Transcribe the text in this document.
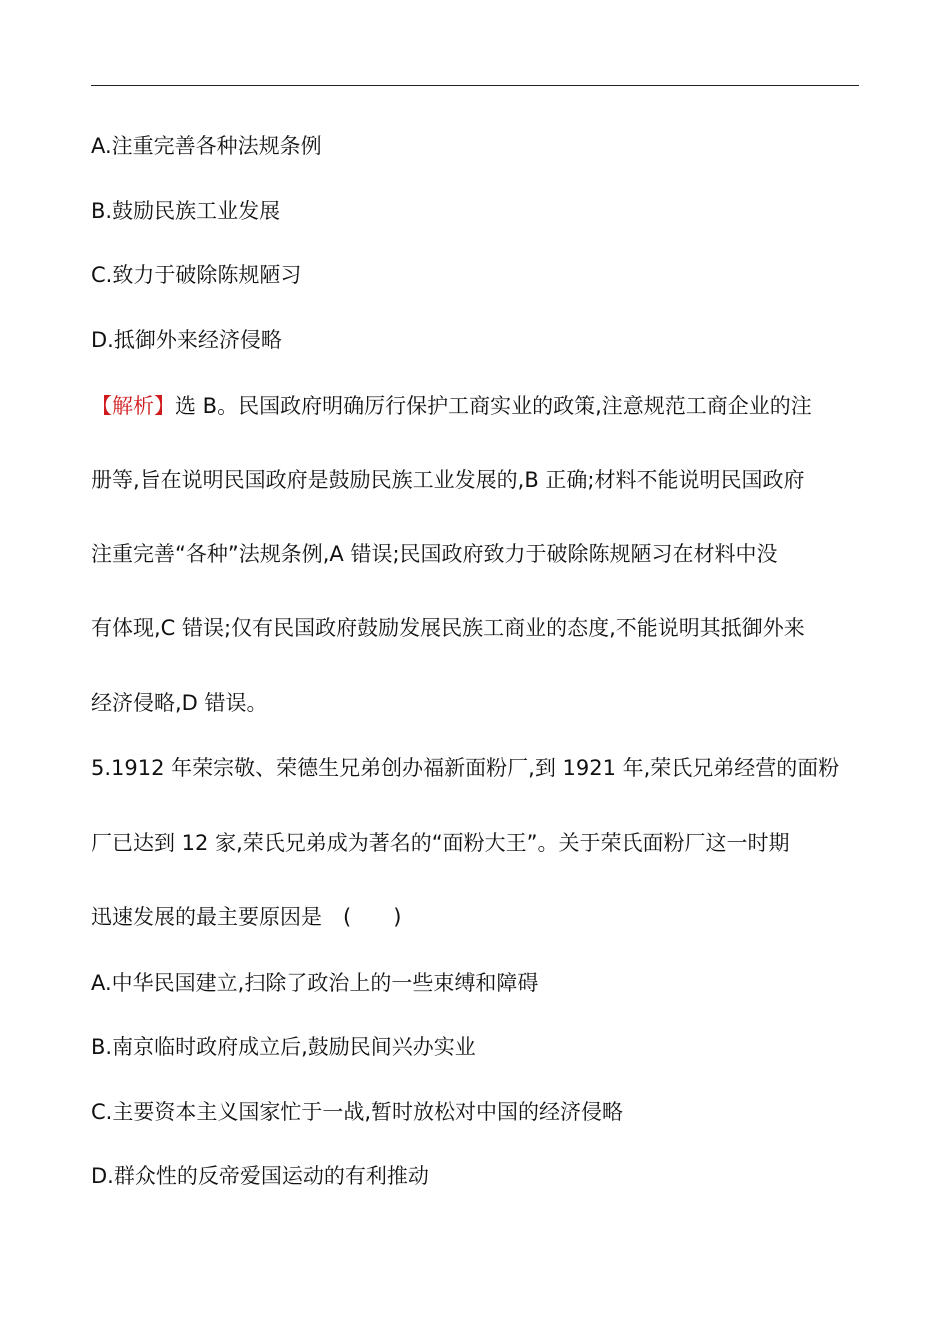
A.注重完善各种法规条例
B.鼓励民族工业发展
C.致力于破除陈规陋习
D.抵御外来经济侵略
【解析】选 B。民国政府明确厉行保护工商实业的政策,注意规范工商企业的注
册等,旨在说明民国政府是鼓励民族工业发展的,B 正确;材料不能说明民国政府
注重完善“各种”法规条例,A 错误;民国政府致力于破除陈规陋习在材料中没
有体现,C 错误;仅有民国政府鼓励发展民族工商业的态度,不能说明其抵御外来
经济侵略,D 错误。
5.1912 年荣宗敬、荣德生兄弟创办福新面粉厂,到 1921 年,荣氏兄弟经营的面粉
厂已达到 12 家,荣氏兄弟成为著名的“面粉大王”。关于荣氏面粉厂这一时期
迅速发展的最主要原因是　(　　)
A.中华民国建立,扫除了政治上的一些束缚和障碍
B.南京临时政府成立后,鼓励民间兴办实业
C.主要资本主义国家忙于一战,暂时放松对中国的经济侵略
D.群众性的反帝爱国运动的有利推动
